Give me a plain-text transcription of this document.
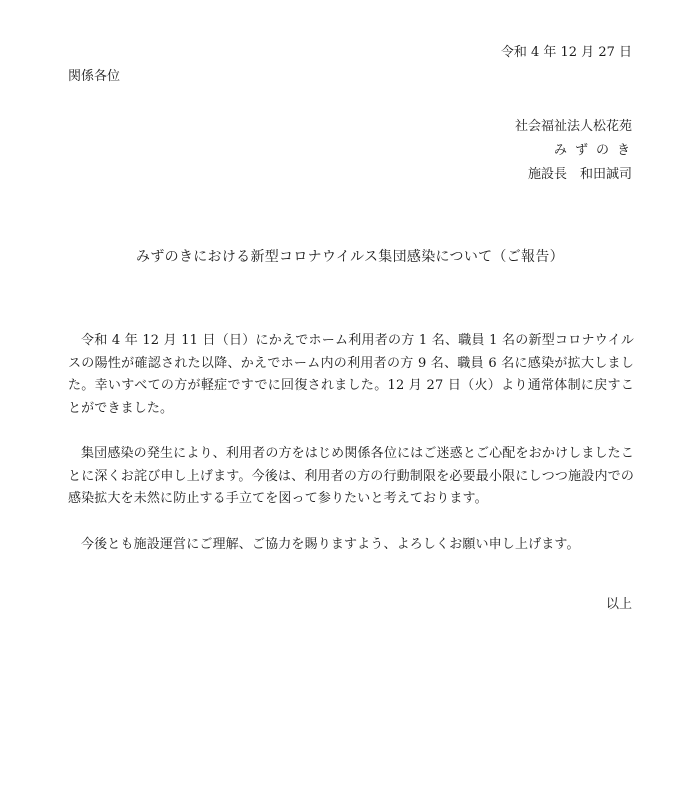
令和 4 年 12 月 27 日
関係各位
社会福祉法人松花苑
みずのき
施設長　和田誠司
みずのきにおける新型コロナウイルス集団感染について（ご報告）

令和 4 年 12 月 11 日（日）にかえでホーム利用者の方 1 名、職員 1 名の新型コロナウイルスの陽性が確認された以降、かえでホーム内の利用者の方 9 名、職員 6 名に感染が拡大しました。幸いすべての方が軽症ですでに回復されました。12 月 27 日（火）より通常体制に戻すことができました。

集団感染の発生により、利用者の方をはじめ関係各位にはご迷惑とご心配をおかけしましたことに深くお詫び申し上げます。今後は、利用者の方の行動制限を必要最小限にしつつ施設内での感染拡大を未然に防止する手立てを図って参りたいと考えております。

今後とも施設運営にご理解、ご協力を賜りますよう、よろしくお願い申し上げます。

以上
